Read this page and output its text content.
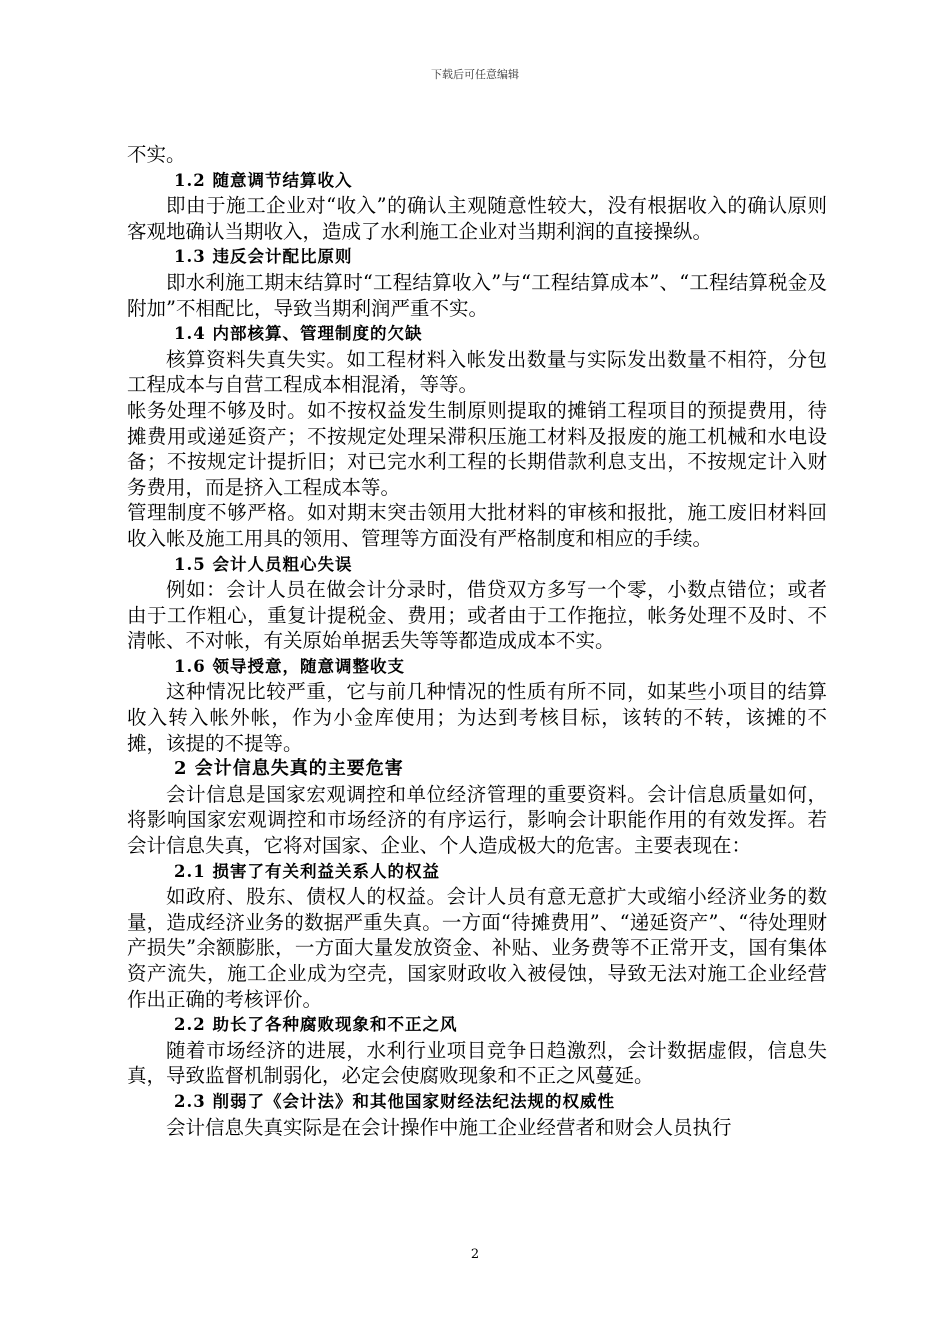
下载后可任意编辑

不实。

1.2 随意调节结算收入

即由于施工企业对“收入”的确认主观随意性较大，没有根据收入的确认原则客观地确认当期收入，造成了水利施工企业对当期利润的直接操纵。

1.3 违反会计配比原则

即水利施工期末结算时“工程结算收入”与“工程结算成本”、“工程结算税金及附加”不相配比，导致当期利润严重不实。

1.4 内部核算、管理制度的欠缺

核算资料失真失实。如工程材料入帐发出数量与实际发出数量不相符，分包工程成本与自营工程成本相混淆，等等。

帐务处理不够及时。如不按权益发生制原则提取的摊销工程项目的预提费用，待摊费用或递延资产；不按规定处理呆滞积压施工材料及报废的施工机械和水电设备；不按规定计提折旧；对已完水利工程的长期借款利息支出，不按规定计入财务费用，而是挤入工程成本等。

管理制度不够严格。如对期末突击领用大批材料的审核和报批，施工废旧材料回收入帐及施工用具的领用、管理等方面没有严格制度和相应的手续。

1.5 会计人员粗心失误

例如：会计人员在做会计分录时，借贷双方多写一个零，小数点错位；或者由于工作粗心，重复计提税金、费用；或者由于工作拖拉，帐务处理不及时、不清帐、不对帐，有关原始单据丢失等等都造成成本不实。

1.6 领导授意，随意调整收支

这种情况比较严重，它与前几种情况的性质有所不同，如某些小项目的结算收入转入帐外帐，作为小金库使用；为达到考核目标，该转的不转，该摊的不摊，该提的不提等。

2 会计信息失真的主要危害

会计信息是国家宏观调控和单位经济管理的重要资料。会计信息质量如何，将影响国家宏观调控和市场经济的有序运行，影响会计职能作用的有效发挥。若会计信息失真，它将对国家、企业、个人造成极大的危害。主要表现在：

2.1 损害了有关利益关系人的权益

如政府、股东、债权人的权益。会计人员有意无意扩大或缩小经济业务的数量，造成经济业务的数据严重失真。一方面“待摊费用”、“递延资产”、“待处理财产损失”余额膨胀，一方面大量发放资金、补贴、业务费等不正常开支，国有集体资产流失，施工企业成为空壳，国家财政收入被侵蚀，导致无法对施工企业经营作出正确的考核评价。

2.2 助长了各种腐败现象和不正之风

随着市场经济的进展，水利行业项目竞争日趋激烈，会计数据虚假，信息失真，导致监督机制弱化，必定会使腐败现象和不正之风蔓延。

2.3 削弱了《会计法》和其他国家财经法纪法规的权威性

会计信息失真实际是在会计操作中施工企业经营者和财会人员执行

2
